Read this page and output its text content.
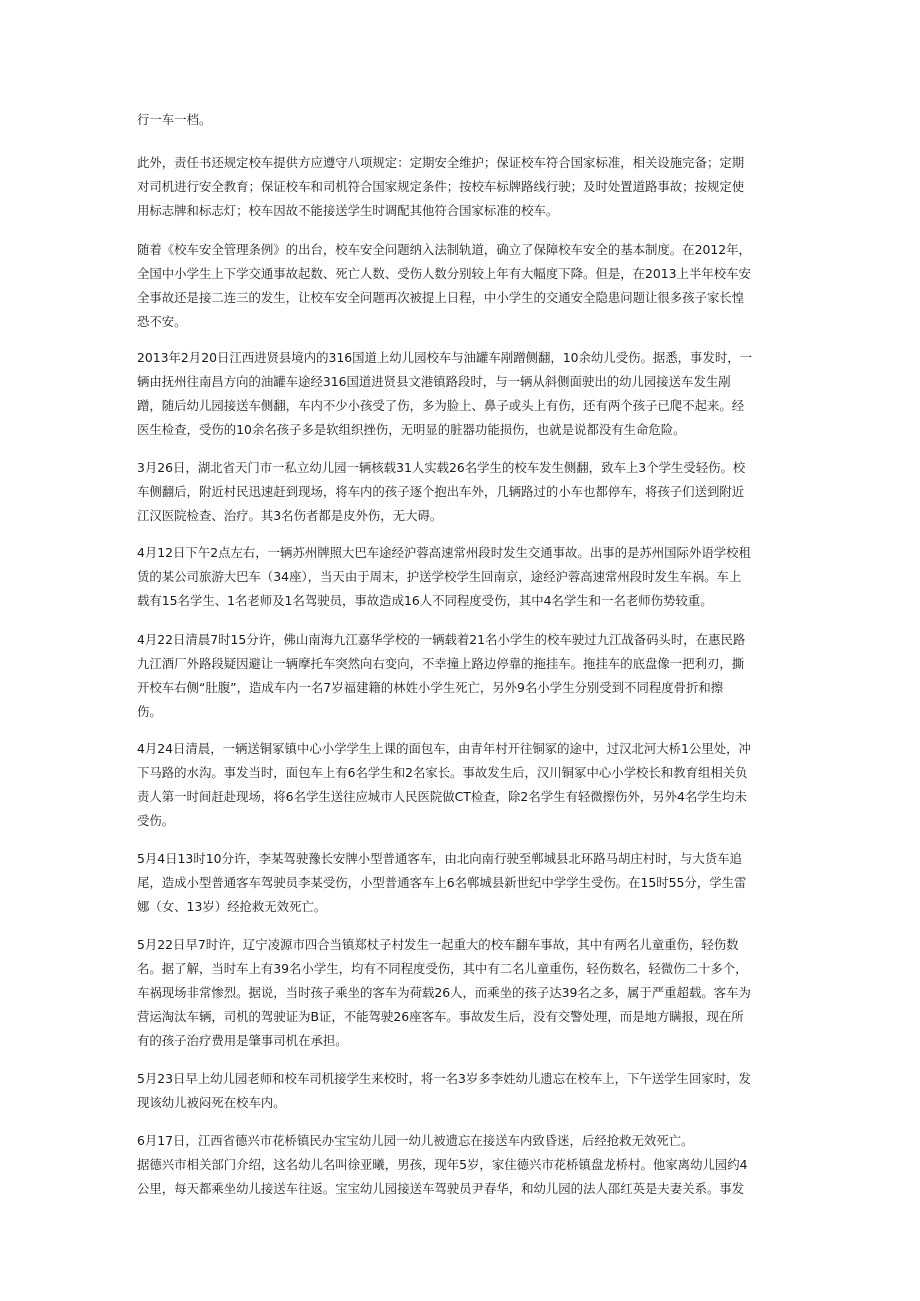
行一车一档。
此外，责任书还规定校车提供方应遵守八项规定：定期安全维护；保证校车符合国家标准，相关设施完备；定期
对司机进行安全教育；保证校车和司机符合国家规定条件；按校车标牌路线行驶；及时处置道路事故；按规定使
用标志牌和标志灯；校车因故不能接送学生时调配其他符合国家标准的校车。
随着《校车安全管理条例》的出台，校车安全问题纳入法制轨道，确立了保障校车安全的基本制度。在2012年，
全国中小学生上下学交通事故起数、死亡人数、受伤人数分别较上年有大幅度下降。但是，在2013上半年校车安
全事故还是接二连三的发生，让校车安全问题再次被提上日程，中小学生的交通安全隐患问题让很多孩子家长惶
恐不安。
2013年2月20日江西进贤县境内的316国道上幼儿园校车与油罐车剐蹭侧翻，10余幼儿受伤。据悉，事发时，一
辆由抚州往南昌方向的油罐车途经316国道进贤县文港镇路段时，与一辆从斜侧面驶出的幼儿园接送车发生剐
蹭，随后幼儿园接送车侧翻，车内不少小孩受了伤，多为脸上、鼻子或头上有伤，还有两个孩子已爬不起来。经
医生检查，受伤的10余名孩子多是软组织挫伤，无明显的脏器功能损伤，也就是说都没有生命危险。
3月26日，湖北省天门市一私立幼儿园一辆核载31人实载26名学生的校车发生侧翻，致车上3个学生受轻伤。校
车侧翻后，附近村民迅速赶到现场，将车内的孩子逐个抱出车外，几辆路过的小车也都停车，将孩子们送到附近
江汉医院检查、治疗。其3名伤者都是皮外伤，无大碍。
4月12日下午2点左右，一辆苏州牌照大巴车途经沪蓉高速常州段时发生交通事故。出事的是苏州国际外语学校租
赁的某公司旅游大巴车（34座），当天由于周末，护送学校学生回南京，途经沪蓉高速常州段时发生车祸。车上
载有15名学生、1名老师及1名驾驶员，事故造成16人不同程度受伤，其中4名学生和一名老师伤势较重。
4月22日清晨7时15分许，佛山南海九江嘉华学校的一辆载着21名小学生的校车驶过九江战备码头时，在惠民路
九江酒厂外路段疑因避让一辆摩托车突然向右变向，不幸撞上路边停靠的拖挂车。拖挂车的底盘像一把利刃，撕
开校车右侧“肚腹”，造成车内一名7岁福建籍的林姓小学生死亡，另外9名小学生分别受到不同程度骨折和擦
伤。
4月24日清晨，一辆送铜冢镇中心小学学生上课的面包车，由青年村开往铜冢的途中，过汉北河大桥1公里处，冲
下马路的水沟。事发当时，面包车上有6名学生和2名家长。事故发生后，汉川铜冢中心小学校长和教育组相关负
责人第一时间赶赴现场，将6名学生送往应城市人民医院做CT检查，除2名学生有轻微擦伤外，另外4名学生均未
受伤。
5月4日13时10分许，李某驾驶豫长安牌小型普通客车，由北向南行驶至郸城县北环路马胡庄村时，与大货车追
尾，造成小型普通客车驾驶员李某受伤，小型普通客车上6名郸城县新世纪中学学生受伤。在15时55分，学生雷
娜（女、13岁）经抢救无效死亡。
5月22日早7时许，辽宁凌源市四合当镇郑杖子村发生一起重大的校车翻车事故，其中有两名儿童重伤，轻伤数
名。据了解，当时车上有39名小学生，均有不同程度受伤，其中有二名儿童重伤，轻伤数名，轻微伤二十多个，
车祸现场非常惨烈。据说，当时孩子乘坐的客车为荷载26人，而乘坐的孩子达39名之多，属于严重超载。客车为
营运淘汰车辆，司机的驾驶证为B证，不能驾驶26座客车。事故发生后，没有交警处理，而是地方瞒报，现在所
有的孩子治疗费用是肇事司机在承担。
5月23日早上幼儿园老师和校车司机接学生来校时，将一名3岁多李姓幼儿遗忘在校车上，下午送学生回家时，发
现该幼儿被闷死在校车内。
6月17日，江西省德兴市花桥镇民办宝宝幼儿园一幼儿被遗忘在接送车内致昏迷，后经抢救无效死亡。
据德兴市相关部门介绍，这名幼儿名叫徐亚曦，男孩，现年5岁，家住德兴市花桥镇盘龙桥村。他家离幼儿园约4
公里，每天都乘坐幼儿接送车往返。宝宝幼儿园接送车驾驶员尹春华，和幼儿园的法人邵红英是夫妻关系。事发
